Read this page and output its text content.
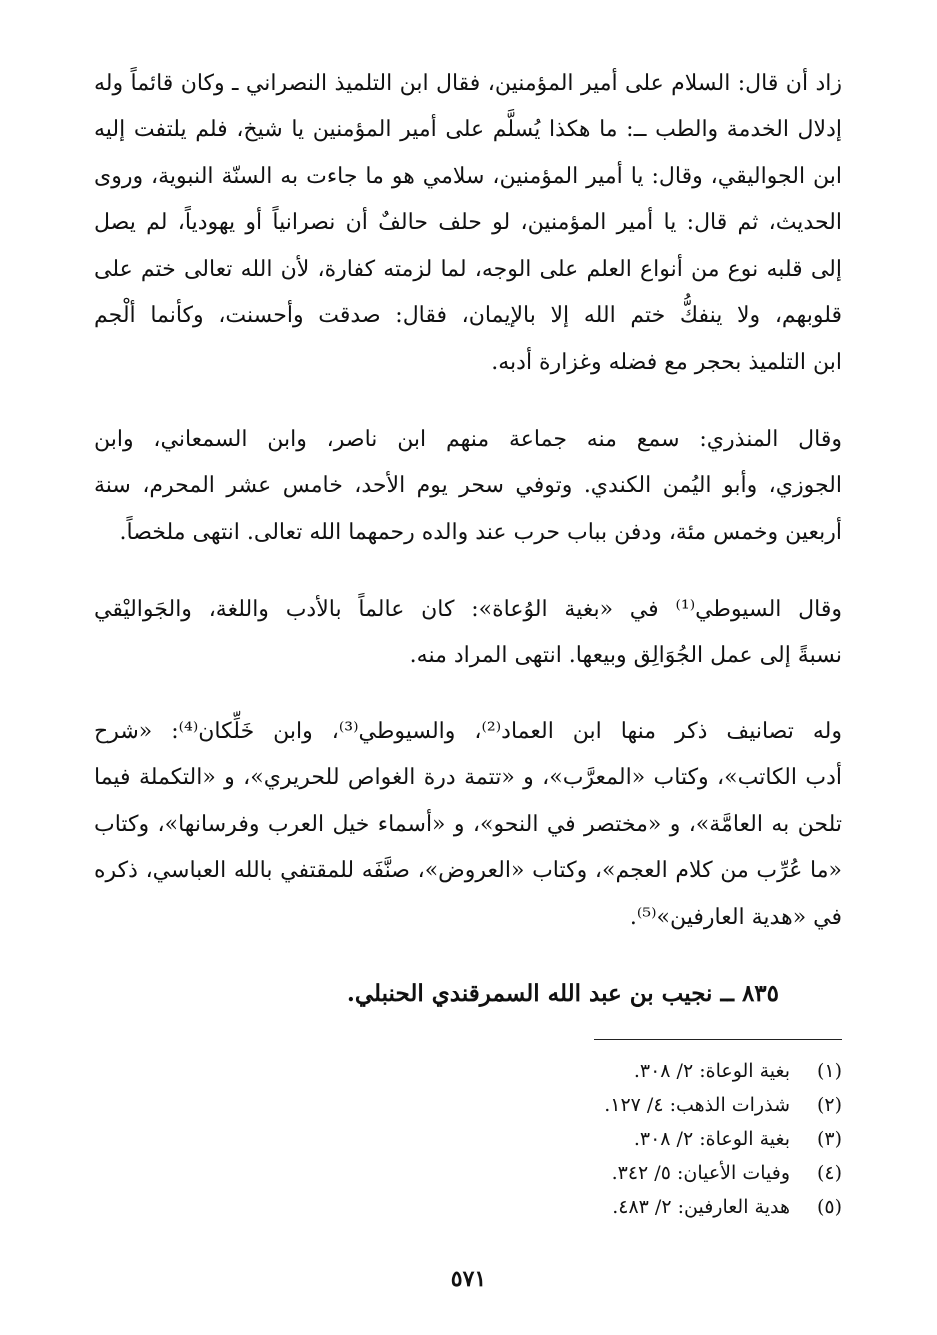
زاد أن قال: السلام على أمير المؤمنين، فقال ابن التلميذ النصراني ـ وكان قائماً وله
إدلال الخدمة والطب ــ: ما هكذا يُسلَّم على أمير المؤمنين يا شيخ، فلم يلتفت إليه
ابن الجواليقي، وقال: يا أمير المؤمنين، سلامي هو ما جاءت به السنّة النبوية، وروى
الحديث، ثم قال: يا أمير المؤمنين، لو حلف حالفٌ أن نصرانياً أو يهودياً، لم يصل
إلى قلبه نوع من أنواع العلم على الوجه، لما لزمته كفارة، لأن الله تعالى ختم على
قلوبهم، ولا ينفكُّ ختم الله إلا بالإيمان، فقال: صدقت وأحسنت، وكأنما ألْجم
ابن التلميذ بحجر مع فضله وغزارة أدبه.
وقال المنذري: سمع منه جماعة منهم ابن ناصر، وابن السمعاني، وابن
الجوزي، وأبو اليُمن الكندي. وتوفي سحر يوم الأحد، خامس عشر المحرم، سنة
أربعين وخمس مئة، ودفن بباب حرب عند والده رحمهما الله تعالى. انتهى ملخصاً.
وقال السيوطي⁽¹⁾ في «بغية الوُعاة»: كان عالماً بالأدب واللغة، والجَواليْقي
نسبةً إلى عمل الجُوَالِق وبيعها. انتهى المراد منه.
وله تصانيف ذكر منها ابن العماد⁽²⁾، والسيوطي⁽³⁾، وابن خَلِّكان⁽⁴⁾: «شرح
أدب الكاتب»، وكتاب «المعرَّب»، و «تتمة درة الغواص للحريري»، و «التكملة فيما
تلحن به العامَّة»، و «مختصر في النحو»، و «أسماء خيل العرب وفرسانها»، وكتاب
«ما عُرِّب من كلام العجم»، وكتاب «العروض»، صنَّفَه للمقتفي بالله العباسي، ذكره
في «هدية العارفين»⁽⁵⁾.
٨٣٥ ــ نجيب بن عبد الله السمرقندي الحنبلي.
(١)بغية الوعاة: ٢/ ٣٠٨.
(٢)شذرات الذهب: ٤/ ١٢٧.
(٣)بغية الوعاة: ٢/ ٣٠٨.
(٤)وفيات الأعيان: ٥/ ٣٤٢.
(٥)هدية العارفين: ٢/ ٤٨٣.
٥٧١
